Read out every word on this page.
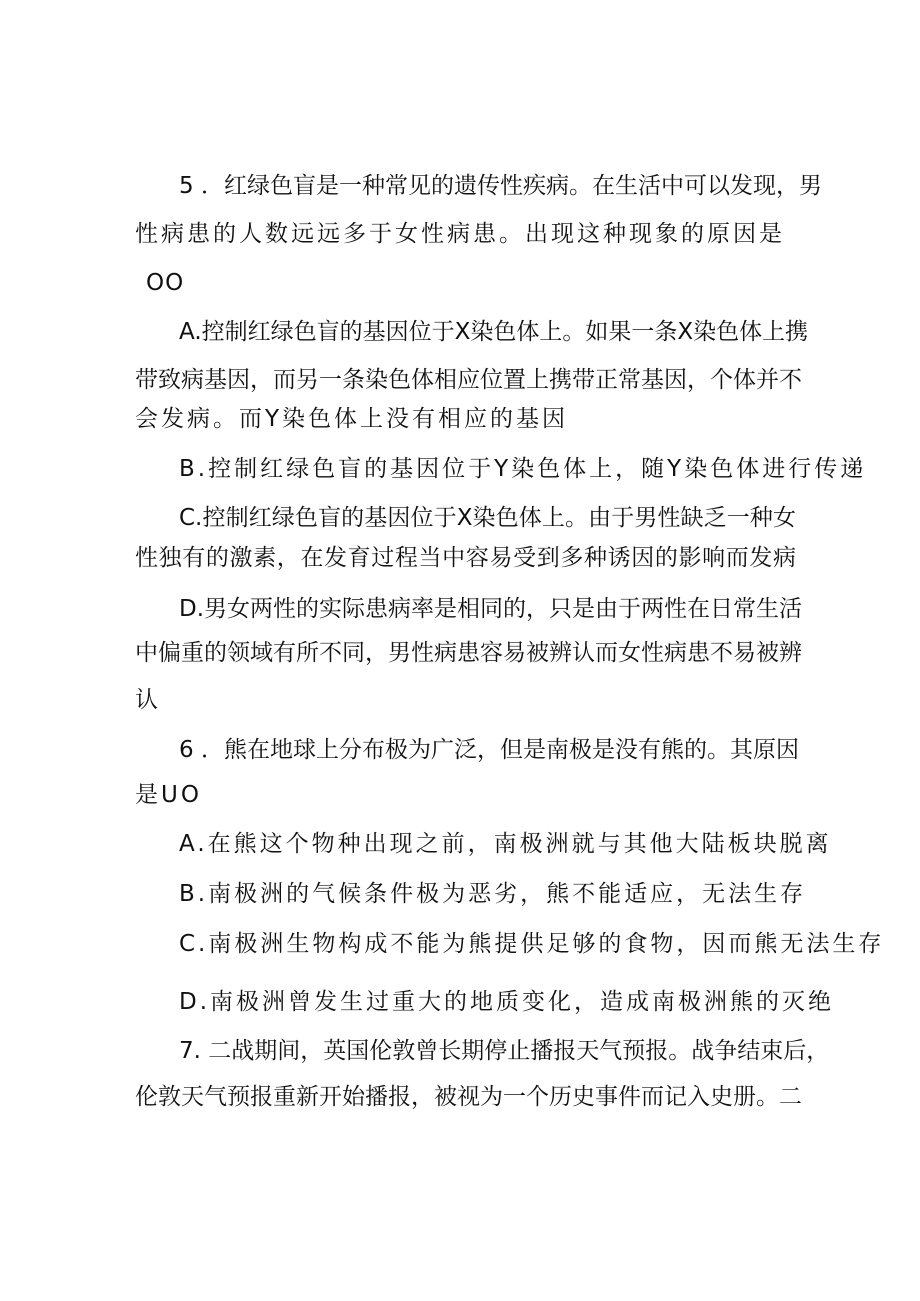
5 ．红绿色盲是一种常见的遗传性疾病。在生活中可以发现，男
性病患的人数远远多于女性病患。出现这种现象的原因是
OO
A.控制红绿色盲的基因位于X染色体上。如果一条X染色体上携
带致病基因，而另一条染色体相应位置上携带正常基因，个体并不
会发病。而Y染色体上没有相应的基因
B.控制红绿色盲的基因位于Y染色体上，随Y染色体进行传递
C.控制红绿色盲的基因位于X染色体上。由于男性缺乏一种女
性独有的激素，在发育过程当中容易受到多种诱因的影响而发病
D.男女两性的实际患病率是相同的，只是由于两性在日常生活
中偏重的领域有所不同，男性病患容易被辨认而女性病患不易被辨
认
6 ．熊在地球上分布极为广泛，但是南极是没有熊的。其原因
是UO
A.在熊这个物种出现之前，南极洲就与其他大陆板块脱离
B.南极洲的气候条件极为恶劣，熊不能适应，无法生存
C.南极洲生物构成不能为熊提供足够的食物，因而熊无法生存
D.南极洲曾发生过重大的地质变化，造成南极洲熊的灭绝
7. 二战期间，英国伦敦曾长期停止播报天气预报。战争结束后，
伦敦天气预报重新开始播报，被视为一个历史事件而记入史册。二
